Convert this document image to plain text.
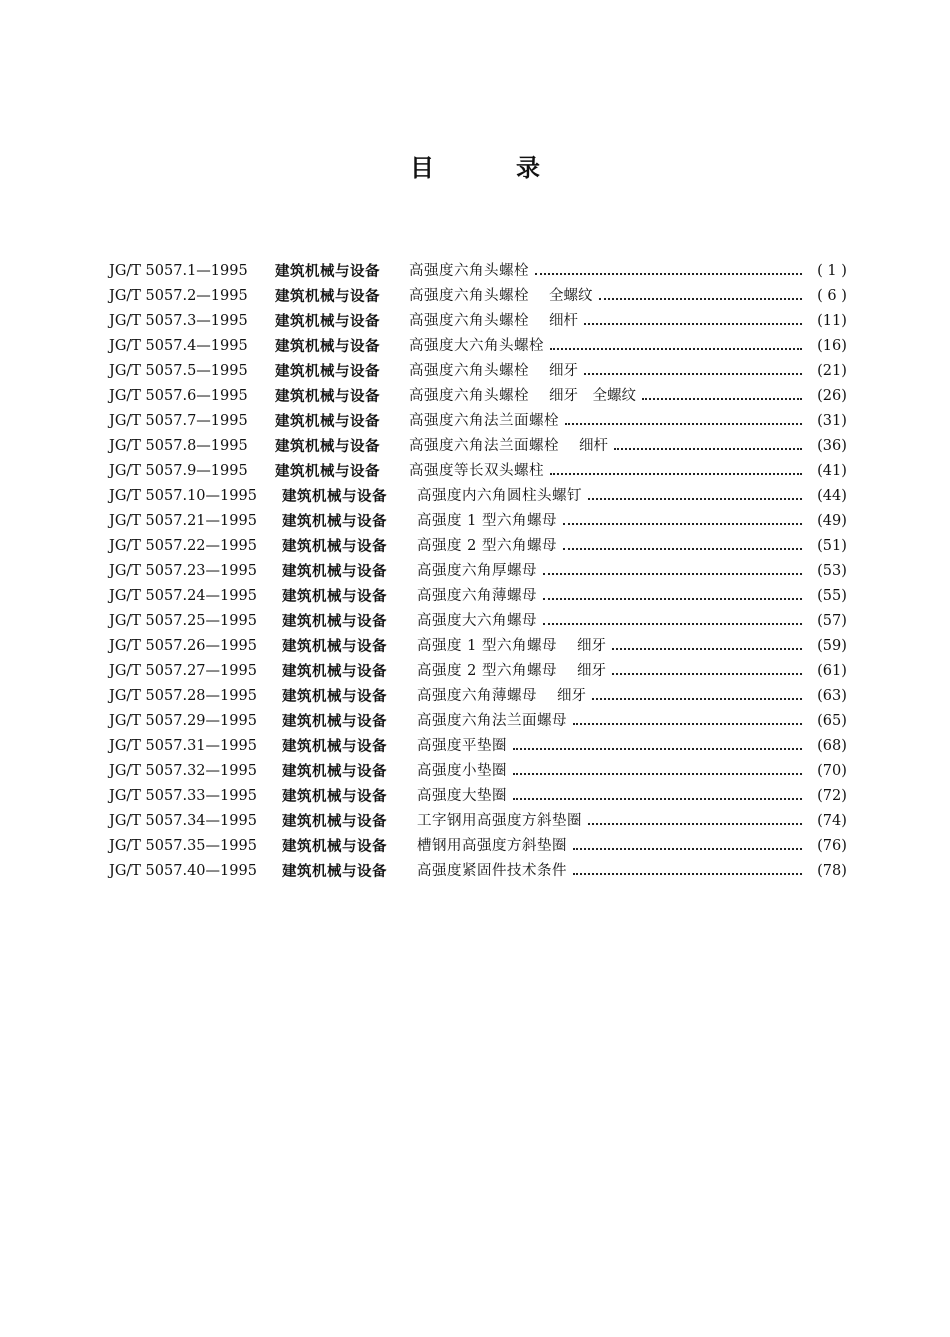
目	录
JG/T 5057.1—1995 建筑机械与设备 高强度六角头螺栓	( 1 )
JG/T 5057.2—1995 建筑机械与设备 高强度六角头螺栓	全螺纹	( 6 )
JG/T 5057.3—1995 建筑机械与设备 高强度六角头螺栓	细杆	(11)
JG/T 5057.4—1995 建筑机械与设备 高强度大六角头螺栓	(16)
JG/T 5057.5—1995 建筑机械与设备 高强度六角头螺栓	细牙	(21)
JG/T 5057.6—1995 建筑机械与设备 高强度六角头螺栓	细牙　全螺纹	(26)
JG/T 5057.7—1995 建筑机械与设备 高强度六角法兰面螺栓	(31)
JG/T 5057.8—1995 建筑机械与设备 高强度六角法兰面螺栓	细杆	(36)
JG/T 5057.9—1995 建筑机械与设备 高强度等长双头螺柱	(41)
JG/T 5057.10—1995 建筑机械与设备 高强度内六角圆柱头螺钉	(44)
JG/T 5057.21—1995 建筑机械与设备 高强度 1 型六角螺母	(49)
JG/T 5057.22—1995 建筑机械与设备 高强度 2 型六角螺母	(51)
JG/T 5057.23—1995 建筑机械与设备 高强度六角厚螺母	(53)
JG/T 5057.24—1995 建筑机械与设备 高强度六角薄螺母	(55)
JG/T 5057.25—1995 建筑机械与设备 高强度大六角螺母	(57)
JG/T 5057.26—1995 建筑机械与设备 高强度 1 型六角螺母	细牙	(59)
JG/T 5057.27—1995 建筑机械与设备 高强度 2 型六角螺母	细牙	(61)
JG/T 5057.28—1995 建筑机械与设备 高强度六角薄螺母	细牙	(63)
JG/T 5057.29—1995 建筑机械与设备 高强度六角法兰面螺母	(65)
JG/T 5057.31—1995 建筑机械与设备 高强度平垫圈	(68)
JG/T 5057.32—1995 建筑机械与设备 高强度小垫圈	(70)
JG/T 5057.33—1995 建筑机械与设备 高强度大垫圈	(72)
JG/T 5057.34—1995 建筑机械与设备 工字钢用高强度方斜垫圈	(74)
JG/T 5057.35—1995 建筑机械与设备 槽钢用高强度方斜垫圈	(76)
JG/T 5057.40—1995 建筑机械与设备 高强度紧固件技术条件	(78)
